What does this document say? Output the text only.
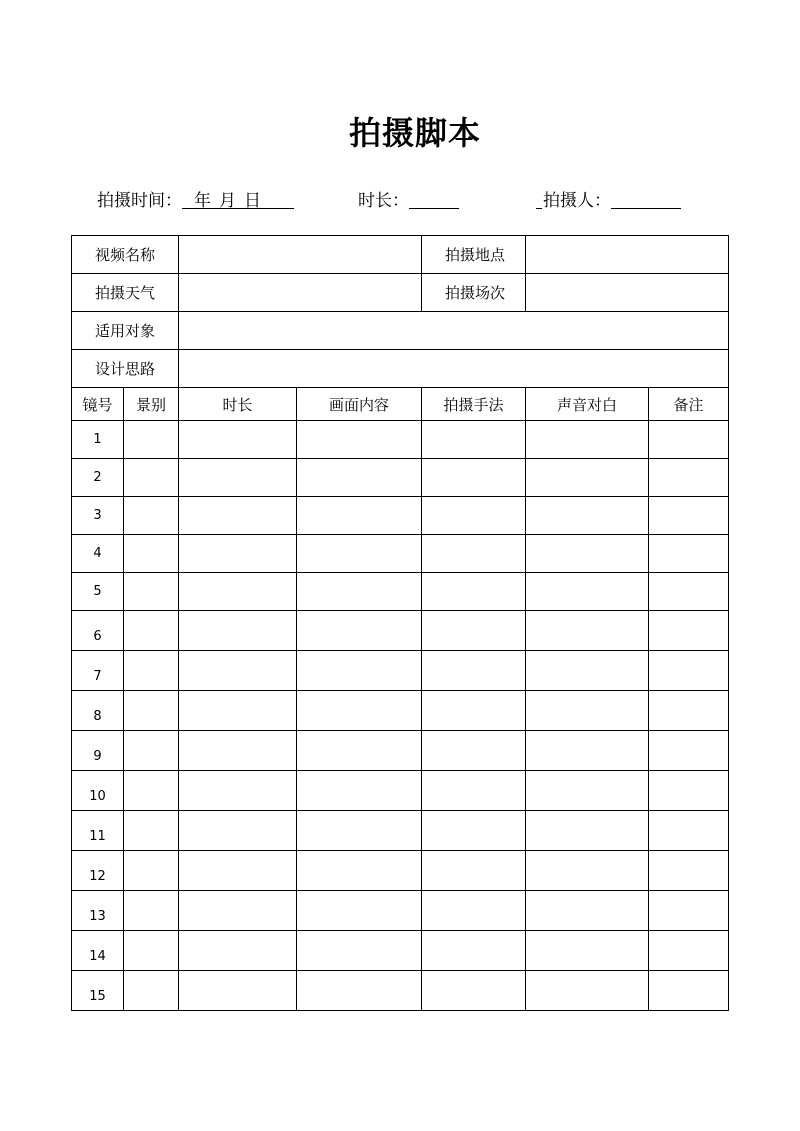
拍摄脚本
拍摄时间： 年 月 日	时长：	拍摄人：
视频名称				拍摄地点		
拍摄天气				拍摄场次		
适用对象						
设计思路						
镜号	景别	时长	画面内容	拍摄手法	声音对白	备注
1						
2						
3						
4						
5						
6						
7						
8						
9						
10						
11						
12						
13						
14						
15						
